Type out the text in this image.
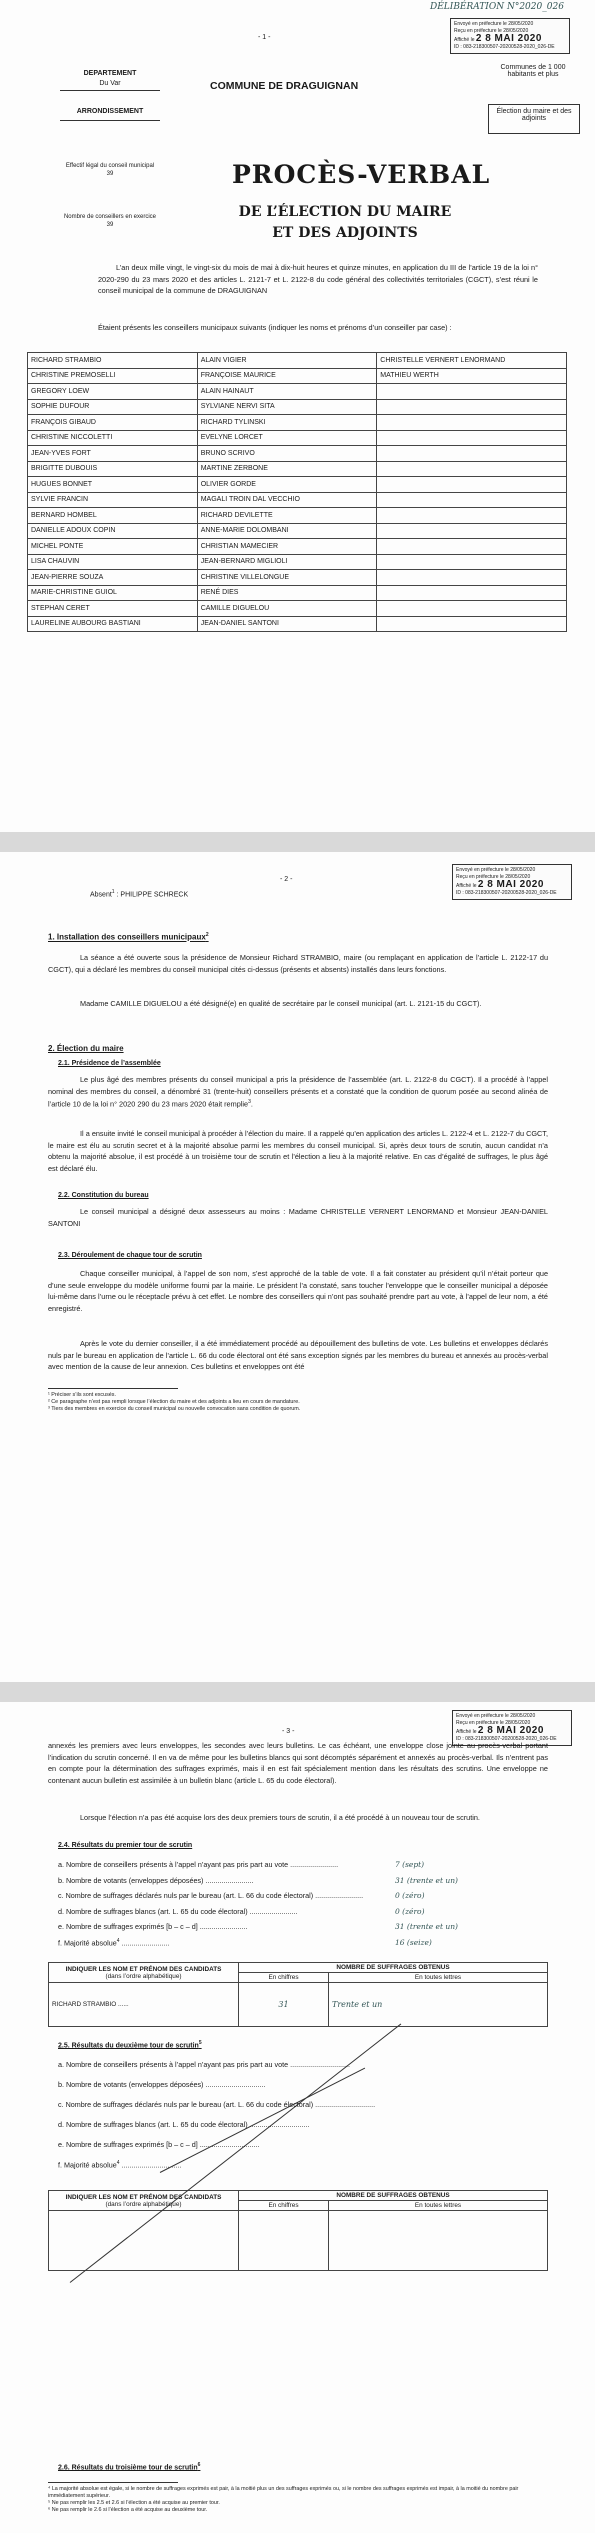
DÉLIBÉRATION N°2020_026
- 1 -
Envoyé en préfecture le 28/05/2020
Reçu en préfecture le 28/05/2020
Affiché le 2 8 MAI 2020
ID : 083-218300507-20200528-2020_026-DE
DEPARTEMENT
Du Var
ARRONDISSEMENT
Effectif légal du conseil municipal
39
Nombre de conseillers en exercice
39
COMMUNE DE DRAGUIGNAN
Communes de 1 000 habitants et plus
Élection du maire et des adjoints
PROCÈS-VERBAL
DE L’ÉLECTION DU MAIRE
ET DES ADJOINTS
L’an deux mille vingt, le vingt-six du mois de mai à dix-huit heures et quinze minutes, en application du III de l’article 19 de la loi n° 2020-290 du 23 mars 2020 et des articles L. 2121-7 et L. 2122-8 du code général des collectivités territoriales (CGCT), s’est réuni le conseil municipal de la commune de DRAGUIGNAN
Étaient présents les conseillers municipaux suivants (indiquer les noms et prénoms d’un conseiller par case) :
RICHARD STRAMBIO	ALAIN VIGIER	CHRISTELLE VERNERT LENORMAND
CHRISTINE PREMOSELLI	FRANÇOISE MAURICE	MATHIEU WERTH
GREGORY LOEW	ALAIN HAINAUT	
SOPHIE DUFOUR	SYLVIANE NERVI SITA	
FRANÇOIS GIBAUD	RICHARD TYLINSKI	
CHRISTINE NICCOLETTI	EVELYNE LORCET	
JEAN-YVES FORT	BRUNO SCRIVO	
BRIGITTE DUBOUIS	MARTINE ZERBONE	
HUGUES BONNET	OLIVIER GORDE	
SYLVIE FRANCIN	MAGALI TROIN DAL VECCHIO	
BERNARD HOMBEL	RICHARD DEVILETTE	
DANIELLE ADOUX COPIN	ANNE-MARIE DOLOMBANI	
MICHEL PONTE	CHRISTIAN MAMECIER	
LISA CHAUVIN	JEAN-BERNARD MIGLIOLI	
JEAN-PIERRE SOUZA	CHRISTINE VILLELONGUE	
MARIE-CHRISTINE GUIOL	RENÉ DIES	
STEPHAN CERET	CAMILLE DIGUELOU	
LAURELINE AUBOURG BASTIANI	JEAN-DANIEL SANTONI	
- 2 -
Envoyé en préfecture le 28/05/2020
Reçu en préfecture le 28/05/2020
Affiché le 2 8 MAI 2020
ID : 083-218300507-20200528-2020_026-DE
Absent$^1$ : PHILIPPE SCHRECK
1. Installation des conseillers municipaux$^2$
La séance a été ouverte sous la présidence de Monsieur Richard STRAMBIO, maire (ou remplaçant en application de l’article L. 2122-17 du CGCT), qui a déclaré les membres du conseil municipal cités ci-dessus (présents et absents) installés dans leurs fonctions.
Madame CAMILLE DIGUELOU a été désigné(e) en qualité de secrétaire par le conseil municipal (art. L. 2121-15 du CGCT).
2. Élection du maire
2.1. Présidence de l’assemblée
Le plus âgé des membres présents du conseil municipal a pris la présidence de l’assemblée (art. L. 2122-8 du CGCT). Il a procédé à l’appel nominal des membres du conseil, a dénombré 31 (trente-huit) conseillers présents et a constaté que la condition de quorum posée au second alinéa de l’article 10 de la loi n° 2020 290 du 23 mars 2020 était remplie$^3$.
Il a ensuite invité le conseil municipal à procéder à l’élection du maire. Il a rappelé qu’en application des articles L. 2122-4 et L. 2122-7 du CGCT, le maire est élu au scrutin secret et à la majorité absolue parmi les membres du conseil municipal. Si, après deux tours de scrutin, aucun candidat n’a obtenu la majorité absolue, il est procédé à un troisième tour de scrutin et l’élection a lieu à la majorité relative. En cas d’égalité de suffrages, le plus âgé est déclaré élu.
2.2. Constitution du bureau
Le conseil municipal a désigné deux assesseurs au moins : Madame CHRISTELLE VERNERT LENORMAND et Monsieur JEAN-DANIEL SANTONI
2.3. Déroulement de chaque tour de scrutin
Chaque conseiller municipal, à l’appel de son nom, s’est approché de la table de vote. Il a fait constater au président qu’il n’était porteur que d’une seule enveloppe du modèle uniforme fourni par la mairie. Le président l’a constaté, sans toucher l’enveloppe que le conseiller municipal a déposée lui-même dans l’urne ou le réceptacle prévu à cet effet. Le nombre des conseillers qui n’ont pas souhaité prendre part au vote, à l’appel de leur nom, a été enregistré.
Après le vote du dernier conseiller, il a été immédiatement procédé au dépouillement des bulletins de vote. Les bulletins et enveloppes déclarés nuls par le bureau en application de l’article L. 66 du code électoral ont été sans exception signés par les membres du bureau et annexés au procès-verbal avec mention de la cause de leur annexion. Ces bulletins et enveloppes ont été
¹ Préciser s’ils sont excusés.
² Ce paragraphe n’est pas rempli lorsque l’élection du maire et des adjoints a lieu en cours de mandature.
³ Tiers des membres en exercice du conseil municipal ou nouvelle convocation sans condition de quorum.
- 3 -
Envoyé en préfecture le 28/05/2020
Reçu en préfecture le 28/05/2020
Affiché le 2 8 MAI 2020
ID : 083-218300507-20200528-2020_026-DE
annexés les premiers avec leurs enveloppes, les secondes avec leurs bulletins. Le cas échéant, une enveloppe close jointe au procès-verbal portant l’indication du scrutin concerné. Il en va de même pour les bulletins blancs qui sont décomptés séparément et annexés au procès-verbal. Ils n’entrent pas en compte pour la détermination des suffrages exprimés, mais il en est fait spécialement mention dans les résultats des scrutins. Une enveloppe ne contenant aucun bulletin est assimilée à un bulletin blanc (article L. 65 du code électoral).
Lorsque l’élection n’a pas été acquise lors des deux premiers tours de scrutin, il a été procédé à un nouveau tour de scrutin.
2.4. Résultats du premier tour de scrutin
INDIQUER LES NOM ET PRÉNOM DES CANDIDATS
(dans l’ordre alphabétique)	NOMBRE DE SUFFRAGES OBTENUS	
	En chiffres	En toutes lettres
RICHARD STRAMBIO ......	31	Trente et un
2.5. Résultats du deuxième tour de scrutin$^5$
INDIQUER LES NOM ET PRÉNOM DES CANDIDATS
(dans l’ordre alphabétique)	NOMBRE DE SUFFRAGES OBTENUS	
	En chiffres	En toutes lettres

2.6. Résultats du troisième tour de scrutin$^6$
⁴ La majorité absolue est égale, si le nombre de suffrages exprimés est pair, à la moitié plus un des suffrages exprimés ou, si le nombre des suffrages exprimés est impair, à la moitié du nombre pair immédiatement supérieur.
⁵ Ne pas remplir les 2.5 et 2.6 si l’élection a été acquise au premier tour.
⁶ Ne pas remplir le 2.6 si l’élection a été acquise au deuxième tour.
a. Nombre de conseillers présents à l’appel n’ayant pas pris part au vote ........................	7 (sept)
b. Nombre de votants (enveloppes déposées) ........................	31 (trente et un)
c. Nombre de suffrages déclarés nuls par le bureau (art. L. 66 du code électoral) ........................	0 (zéro)
d. Nombre de suffrages blancs (art. L. 65 du code électoral) ........................	0 (zéro)
e. Nombre de suffrages exprimés [b – c – d] ........................	31 (trente et un)
f. Majorité absolue$^4$ ........................	16 (seize)
a. Nombre de conseillers présents à l’appel n’ayant pas pris part au vote ..............................
b. Nombre de votants (enveloppes déposées) ..............................
c. Nombre de suffrages déclarés nuls par le bureau (art. L. 66 du code électoral) ..............................
d. Nombre de suffrages blancs (art. L. 65 du code électoral) ..............................
e. Nombre de suffrages exprimés [b – c – d] ..............................
f. Majorité absolue$^4$ ..............................
